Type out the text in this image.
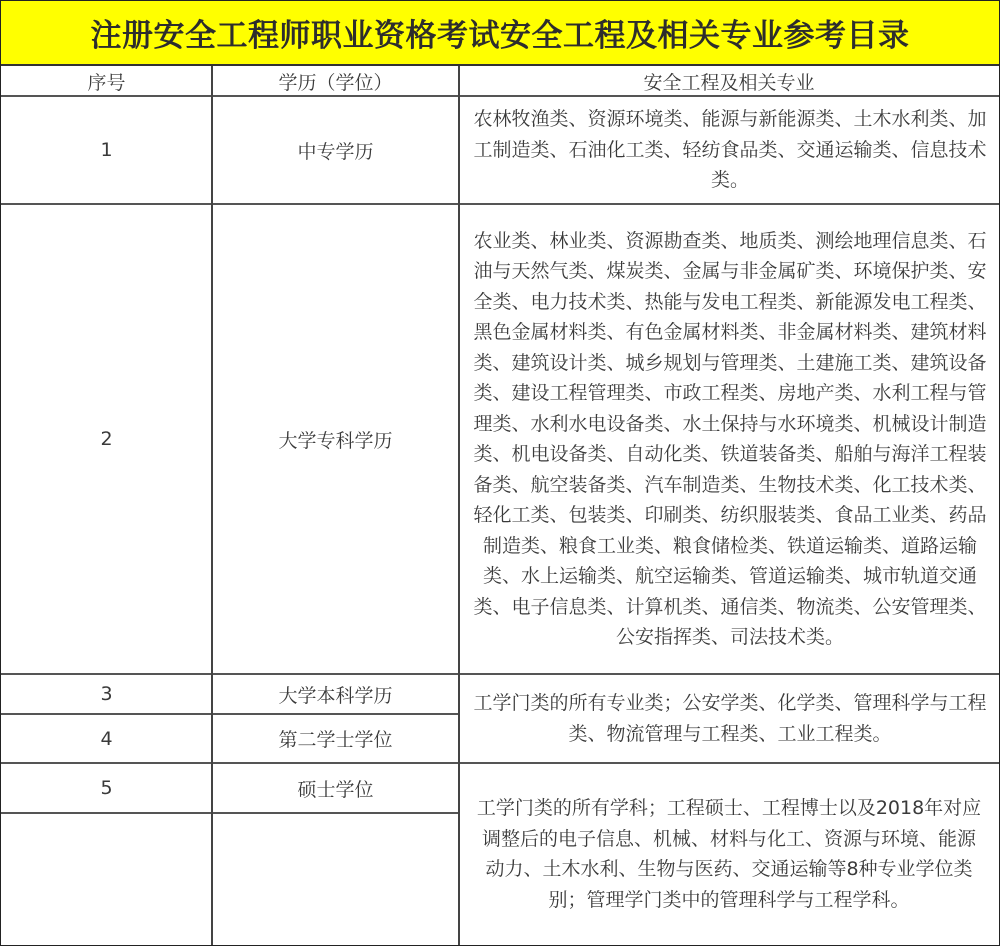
注册安全工程师职业资格考试安全工程及相关专业参考目录
序号	学历（学位）	安全工程及相关专业
1	中专学历
农林牧渔类、资源环境类、能源与新能源类、土木水利类、加工制造类、石油化工类、轻纺食品类、交通运输类、信息技术类。
2	大学专科学历
农业类、林业类、资源勘查类、地质类、测绘地理信息类、石油与天然气类、煤炭类、金属与非金属矿类、环境保护类、安全类、电力技术类、热能与发电工程类、新能源发电工程类、黑色金属材料类、有色金属材料类、非金属材料类、建筑材料类、建筑设计类、城乡规划与管理类、土建施工类、建筑设备类、建设工程管理类、市政工程类、房地产类、水利工程与管理类、水利水电设备类、水土保持与水环境类、机械设计制造类、机电设备类、自动化类、铁道装备类、船舶与海洋工程装备类、航空装备类、汽车制造类、生物技术类、化工技术类、轻化工类、包装类、印刷类、纺织服装类、食品工业类、药品制造类、粮食工业类、粮食储检类、铁道运输类、道路运输类、水上运输类、航空运输类、管道运输类、城市轨道交通类、电子信息类、计算机类、通信类、物流类、公安管理类、公安指挥类、司法技术类。
3	大学本科学历
4	第二学士学位
工学门类的所有专业类；公安学类、化学类、管理科学与工程类、物流管理与工程类、工业工程类。
5	硕士学位
工学门类的所有学科；工程硕士、工程博士以及2018年对应调整后的电子信息、机械、材料与化工、资源与环境、能源动力、土木水利、生物与医药、交通运输等8种专业学位类别；管理学门类中的管理科学与工程学科。
